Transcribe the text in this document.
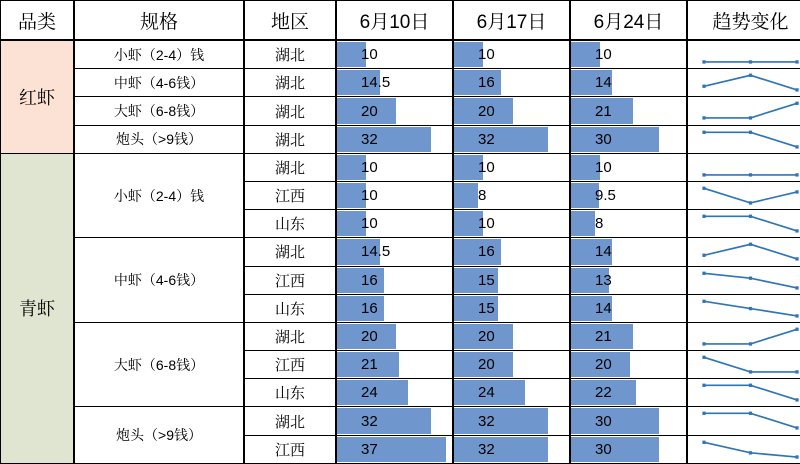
品类	规格	地区	6月10日	6月17日	6月24日	趋势变化
红虾	小虾（2-4）钱	湖北	10	10	10

	中虾（4-6钱）	湖北	14.5	16	14

	大虾（6-8钱）	湖北	20	20	21

	炮头（>9钱）	湖北	32	32	30

青虾	小虾（2-4）钱	湖北	10	10	10

		江西	10	8	9.5

		山东	10	10	8

	中虾（4-6钱）	湖北	14.5	16	14

		江西	16	15	13

		山东	16	15	14

	大虾（6-8钱）	湖北	20	20	21

		江西	21	20	20

		山东	24	24	22

	炮头（>9钱）	湖北	32	32	30

		江西	37	32	30
